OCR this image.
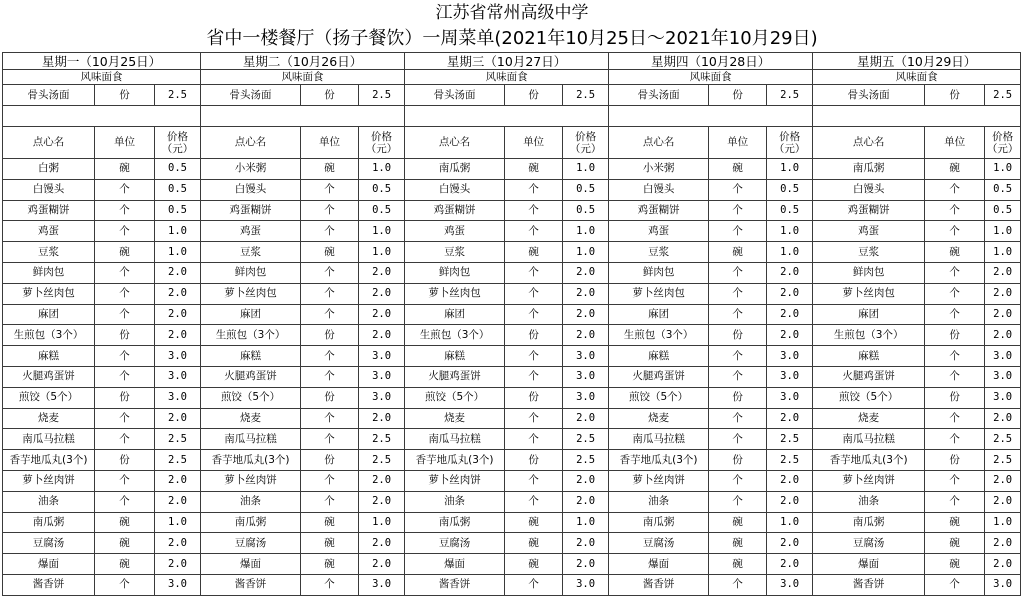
江苏省常州高级中学
省中一楼餐厅（扬子餐饮）一周菜单(2021年10月25日～2021年10月29日)
星期一（10月25日）			星期二（10月26日）			星期三（10月27日）			星期四（10月28日）			星期五（10月29日）		
风味面食			风味面食			风味面食			风味面食			风味面食		
骨头汤面	份	2.5	骨头汤面	份	2.5	骨头汤面	份	2.5	骨头汤面	份	2.5	骨头汤面	份	2.5

点心名	单位	价格（元）	点心名	单位	价格（元）	点心名	单位	价格（元）	点心名	单位	价格（元）	点心名	单位	价格（元）
白粥	碗	0.5	小米粥	碗	1.0	南瓜粥	碗	1.0	小米粥	碗	1.0	南瓜粥	碗	1.0
白馒头	个	0.5	白馒头	个	0.5	白馒头	个	0.5	白馒头	个	0.5	白馒头	个	0.5
鸡蛋糊饼	个	0.5	鸡蛋糊饼	个	0.5	鸡蛋糊饼	个	0.5	鸡蛋糊饼	个	0.5	鸡蛋糊饼	个	0.5
鸡蛋	个	1.0	鸡蛋	个	1.0	鸡蛋	个	1.0	鸡蛋	个	1.0	鸡蛋	个	1.0
豆浆	碗	1.0	豆浆	碗	1.0	豆浆	碗	1.0	豆浆	碗	1.0	豆浆	碗	1.0
鲜肉包	个	2.0	鲜肉包	个	2.0	鲜肉包	个	2.0	鲜肉包	个	2.0	鲜肉包	个	2.0
萝卜丝肉包	个	2.0	萝卜丝肉包	个	2.0	萝卜丝肉包	个	2.0	萝卜丝肉包	个	2.0	萝卜丝肉包	个	2.0
麻团	个	2.0	麻团	个	2.0	麻团	个	2.0	麻团	个	2.0	麻团	个	2.0
生煎包（3个）	份	2.0	生煎包（3个）	份	2.0	生煎包（3个）	份	2.0	生煎包（3个）	份	2.0	生煎包（3个）	份	2.0
麻糕	个	3.0	麻糕	个	3.0	麻糕	个	3.0	麻糕	个	3.0	麻糕	个	3.0
火腿鸡蛋饼	个	3.0	火腿鸡蛋饼	个	3.0	火腿鸡蛋饼	个	3.0	火腿鸡蛋饼	个	3.0	火腿鸡蛋饼	个	3.0
煎饺（5个）	份	3.0	煎饺（5个）	份	3.0	煎饺（5个）	份	3.0	煎饺（5个）	份	3.0	煎饺（5个）	份	3.0
烧麦	个	2.0	烧麦	个	2.0	烧麦	个	2.0	烧麦	个	2.0	烧麦	个	2.0
南瓜马拉糕	个	2.5	南瓜马拉糕	个	2.5	南瓜马拉糕	个	2.5	南瓜马拉糕	个	2.5	南瓜马拉糕	个	2.5
香芋地瓜丸(3个)	份	2.5	香芋地瓜丸(3个)	份	2.5	香芋地瓜丸(3个)	份	2.5	香芋地瓜丸(3个)	份	2.5	香芋地瓜丸(3个)	份	2.5
萝卜丝肉饼	个	2.0	萝卜丝肉饼	个	2.0	萝卜丝肉饼	个	2.0	萝卜丝肉饼	个	2.0	萝卜丝肉饼	个	2.0
油条	个	2.0	油条	个	2.0	油条	个	2.0	油条	个	2.0	油条	个	2.0
南瓜粥	碗	1.0	南瓜粥	碗	1.0	南瓜粥	碗	1.0	南瓜粥	碗	1.0	南瓜粥	碗	1.0
豆腐汤	碗	2.0	豆腐汤	碗	2.0	豆腐汤	碗	2.0	豆腐汤	碗	2.0	豆腐汤	碗	2.0
爆面	碗	2.0	爆面	碗	2.0	爆面	碗	2.0	爆面	碗	2.0	爆面	碗	2.0
酱香饼	个	3.0	酱香饼	个	3.0	酱香饼	个	3.0	酱香饼	个	3.0	酱香饼	个	3.0
